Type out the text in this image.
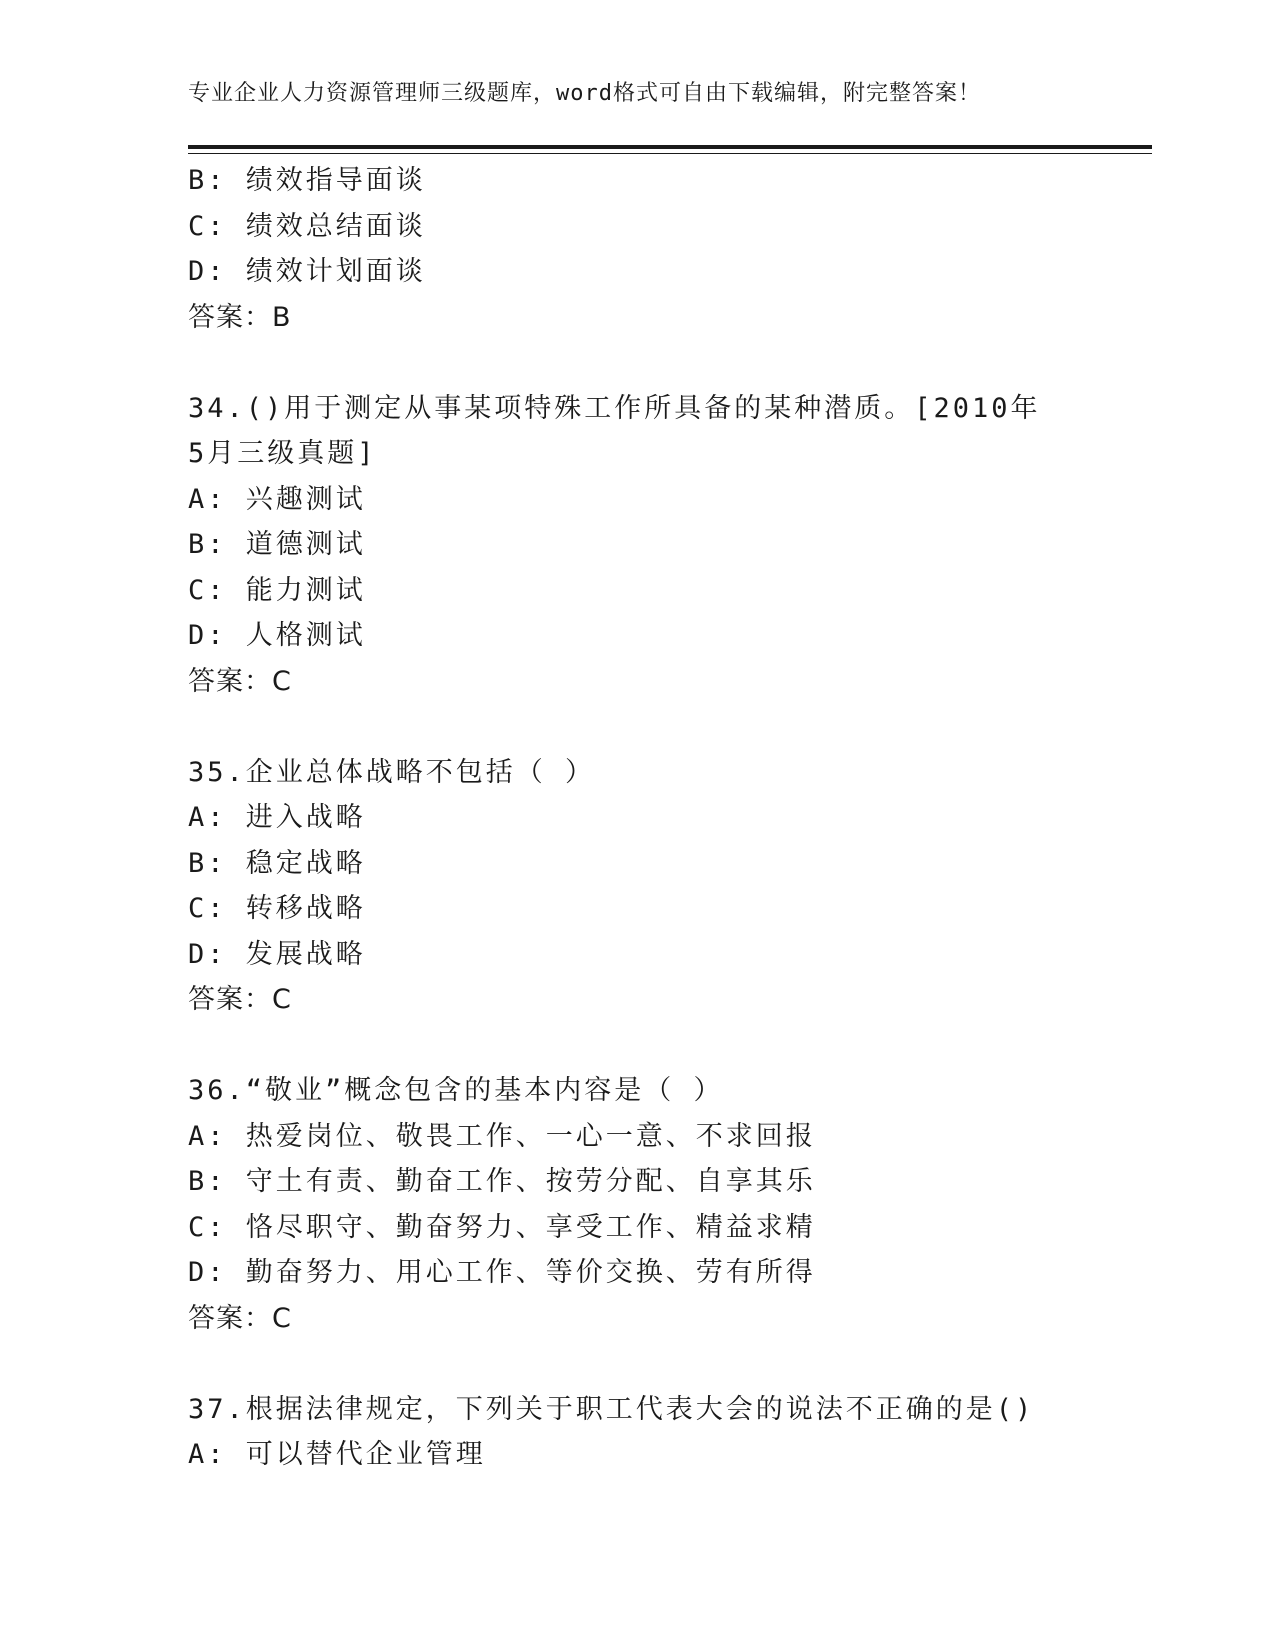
专业企业人力资源管理师三级题库，word格式可自由下载编辑，附完整答案！
B: 绩效指导面谈
C: 绩效总结面谈
D: 绩效计划面谈
答案：B
34.()用于测定从事某项特殊工作所具备的某种潜质。[2010年5月三级真题]
A: 兴趣测试
B: 道德测试
C: 能力测试
D: 人格测试
答案：C
35.企业总体战略不包括（ ）
A: 进入战略
B: 稳定战略
C: 转移战略
D: 发展战略
答案：C
36.“敬业”概念包含的基本内容是（ ）
A: 热爱岗位、敬畏工作、一心一意、不求回报
B: 守土有责、勤奋工作、按劳分配、自享其乐
C: 恪尽职守、勤奋努力、享受工作、精益求精
D: 勤奋努力、用心工作、等价交换、劳有所得
答案：C
37.根据法律规定，下列关于职工代表大会的说法不正确的是()
A: 可以替代企业管理
